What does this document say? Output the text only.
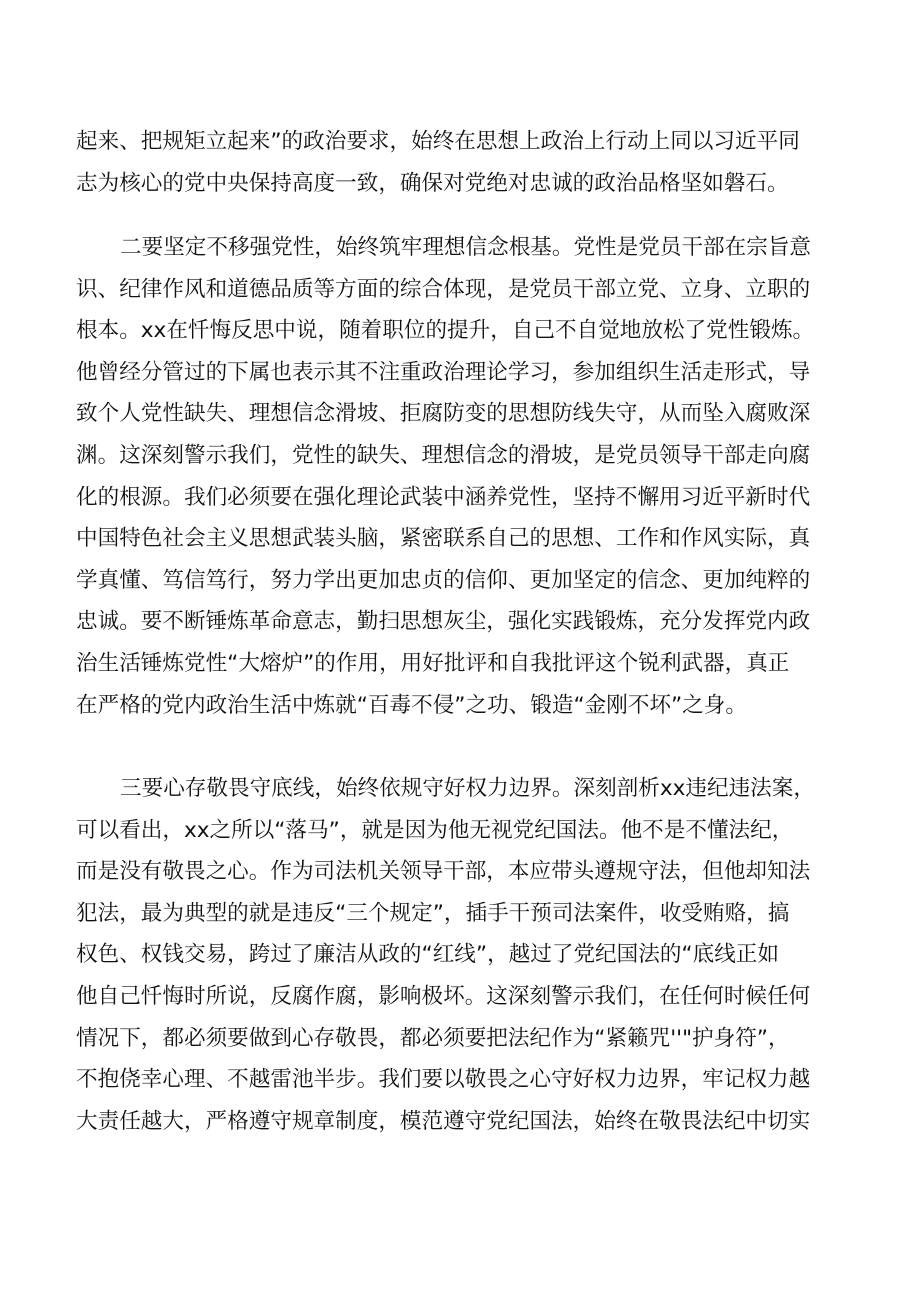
起来、把规矩立起来”的政治要求，始终在思想上政治上行动上同以习近平同
志为核心的党中央保持高度一致，确保对党绝对忠诚的政治品格坚如磐石。
二要坚定不移强党性，始终筑牢理想信念根基。党性是党员干部在宗旨意
识、纪律作风和道德品质等方面的综合体现，是党员干部立党、立身、立职的
根本。xx在忏悔反思中说，随着职位的提升，自己不自觉地放松了党性锻炼。
他曾经分管过的下属也表示其不注重政治理论学习，参加组织生活走形式，导
致个人党性缺失、理想信念滑坡、拒腐防变的思想防线失守，从而坠入腐败深
渊。这深刻警示我们，党性的缺失、理想信念的滑坡，是党员领导干部走向腐
化的根源。我们必须要在强化理论武装中涵养党性，坚持不懈用习近平新时代
中国特色社会主义思想武装头脑，紧密联系自己的思想、工作和作风实际，真
学真懂、笃信笃行，努力学出更加忠贞的信仰、更加坚定的信念、更加纯粹的
忠诚。要不断锤炼革命意志，勤扫思想灰尘，强化实践锻炼，充分发挥党内政
治生活锤炼党性“大熔炉”的作用，用好批评和自我批评这个锐利武器，真正
在严格的党内政治生活中炼就“百毒不侵”之功、锻造“金刚不坏”之身。
三要心存敬畏守底线，始终依规守好权力边界。深刻剖析xx违纪违法案，
可以看出，xx之所以“落马”，就是因为他无视党纪国法。他不是不懂法纪，
而是没有敬畏之心。作为司法机关领导干部，本应带头遵规守法，但他却知法
犯法，最为典型的就是违反“三个规定”，插手干预司法案件，收受贿赂，搞
权色、权钱交易，跨过了廉洁从政的“红线”，越过了党纪国法的“底线正如
他自己忏悔时所说，反腐作腐，影响极坏。这深刻警示我们，在任何时候任何
情况下，都必须要做到心存敬畏，都必须要把法纪作为“紧籁咒''"护身符”，
不抱侥幸心理、不越雷池半步。我们要以敬畏之心守好权力边界，牢记权力越
大责任越大，严格遵守规章制度，模范遵守党纪国法，始终在敬畏法纪中切实
